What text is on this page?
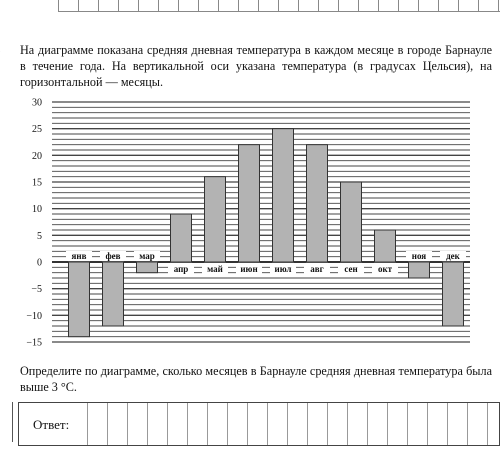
На диаграмме показана средняя дневная температура в каждом месяце в городе Барнауле в течение года. На вертикальной оси указана температура (в градусах Цельсия), на горизонтальной — месяцы.

30
25
20
15
10
5
0
−5
−10
−15
янв фев мар
апр май июн июл авг сен окт
ноя дек

Определите по диаграмме, сколько месяцев в Барнауле средняя дневная температура была выше 3 °C.

Ответ:
